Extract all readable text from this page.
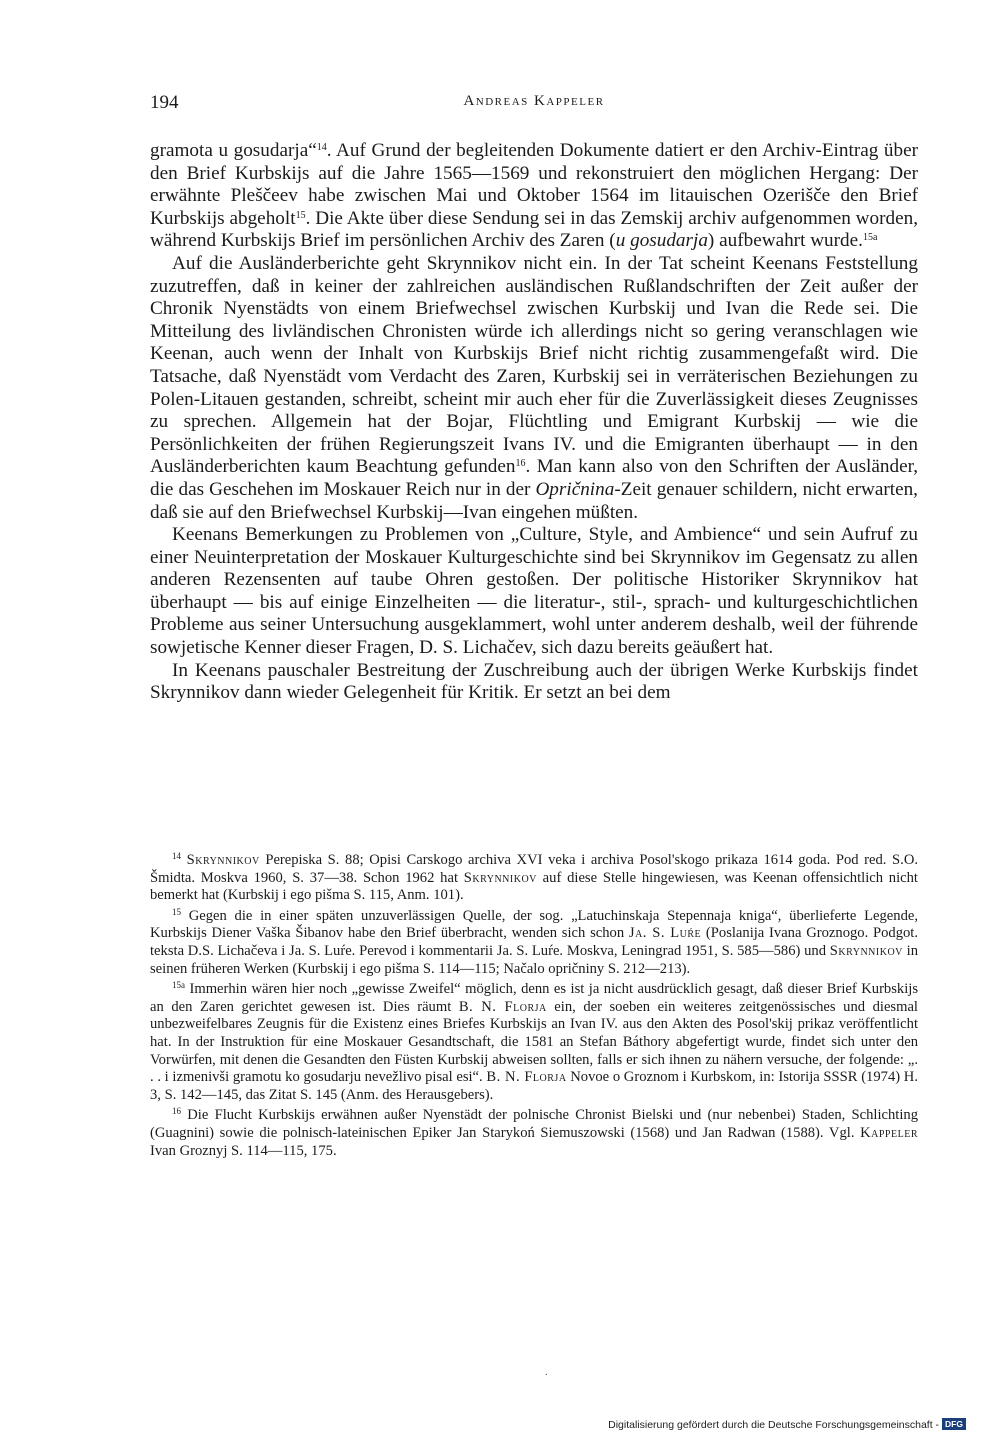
194	Andreas Kappeler

gramota u gosudarja“$^{14}$. Auf Grund der begleitenden Dokumente datiert er den Archiv-Eintrag über den Brief Kurbskijs auf die Jahre 1565—1569 und rekonstruiert den möglichen Hergang: Der erwähnte Pleščeev habe zwischen Mai und Oktober 1564 im litauischen Ozerišče den Brief Kurbskijs abgeholt$^{15}$. Die Akte über diese Sendung sei in das Zemskij archiv aufgenommen worden, während Kurbskijs Brief im persönlichen Archiv des Zaren (u gosudarja) aufbewahrt wurde.$^{15a}$

Auf die Ausländerberichte geht Skrynnikov nicht ein. In der Tat scheint Keenans Feststellung zuzutreffen, daß in keiner der zahlreichen ausländischen Rußlandschriften der Zeit außer der Chronik Nyenstädts von einem Briefwechsel zwischen Kurbskij und Ivan die Rede sei. Die Mitteilung des livländischen Chronisten würde ich allerdings nicht so gering veranschlagen wie Keenan, auch wenn der Inhalt von Kurbskijs Brief nicht richtig zusammengefaßt wird. Die Tatsache, daß Nyenstädt vom Verdacht des Zaren, Kurbskij sei in verräterischen Beziehungen zu Polen-Litauen gestanden, schreibt, scheint mir auch eher für die Zuverlässigkeit dieses Zeugnisses zu sprechen. Allgemein hat der Bojar, Flüchtling und Emigrant Kurbskij — wie die Persönlichkeiten der frühen Regierungszeit Ivans IV. und die Emigranten überhaupt — in den Ausländerberichten kaum Beachtung gefunden$^{16}$. Man kann also von den Schriften der Ausländer, die das Geschehen im Moskauer Reich nur in der Opričnina-Zeit genauer schildern, nicht erwarten, daß sie auf den Briefwechsel Kurbskij—Ivan eingehen müßten.

Keenans Bemerkungen zu Problemen von „Culture, Style, and Ambience“ und sein Aufruf zu einer Neuinterpretation der Moskauer Kulturgeschichte sind bei Skrynnikov im Gegensatz zu allen anderen Rezensenten auf taube Ohren gestoßen. Der politische Historiker Skrynnikov hat überhaupt — bis auf einige Einzelheiten — die literatur-, stil-, sprach- und kulturgeschichtlichen Probleme aus seiner Untersuchung ausgeklammert, wohl unter anderem deshalb, weil der führende sowjetische Kenner dieser Fragen, D. S. Lichačev, sich dazu bereits geäußert hat.

In Keenans pauschaler Bestreitung der Zuschreibung auch der übrigen Werke Kurbskijs findet Skrynnikov dann wieder Gelegenheit für Kritik. Er setzt an bei dem

$^{14}$ Skrynnikov Perepiska S. 88; Opisi Carskogo archiva XVI veka i archiva Posol'skogo prikaza 1614 goda. Pod red. S.O. Šmidta. Moskva 1960, S. 37—38. Schon 1962 hat Skrynnikov auf diese Stelle hingewiesen, was Keenan offensichtlich nicht bemerkt hat (Kurbskij i ego pišma S. 115, Anm. 101).

$^{15}$ Gegen die in einer späten unzuverlässigen Quelle, der sog. „Latuchinskaja Stepennaja kniga“, überlieferte Legende, Kurbskijs Diener Vaška Šibanov habe den Brief überbracht, wenden sich schon Ja. S. Luŕe (Poslanija Ivana Groznogo. Podgot. teksta D.S. Lichačeva i Ja. S. Luŕe. Perevod i kommentarii Ja. S. Luŕe. Moskva, Leningrad 1951, S. 585—586) und Skrynnikov in seinen früheren Werken (Kurbskij i ego pišma S. 114—115; Načalo opričniny S. 212—213).

$^{15a}$ Immerhin wären hier noch „gewisse Zweifel“ möglich, denn es ist ja nicht ausdrücklich gesagt, daß dieser Brief Kurbskijs an den Zaren gerichtet gewesen ist. Dies räumt B. N. Florja ein, der soeben ein weiteres zeitgenössisches und diesmal unbezweifelbares Zeugnis für die Existenz eines Briefes Kurbskijs an Ivan IV. aus den Akten des Posol'skij prikaz veröffentlicht hat. In der Instruktion für eine Moskauer Gesandtschaft, die 1581 an Stefan Báthory abgefertigt wurde, findet sich unter den Vorwürfen, mit denen die Gesandten den Füsten Kurbskij abweisen sollten, falls er sich ihnen zu nähern versuche, der folgende: „. . . i izmenivši gramotu ko gosudarju nevežlivo pisal esi“. B. N. Florja Novoe o Groznom i Kurbskom, in: Istorija SSSR (1974) H. 3, S. 142—145, das Zitat S. 145 (Anm. des Herausgebers).

$^{16}$ Die Flucht Kurbskijs erwähnen außer Nyenstädt der polnische Chronist Bielski und (nur nebenbei) Staden, Schlichting (Guagnini) sowie die polnisch-lateinischen Epiker Jan Starykoń Siemuszowski (1568) und Jan Radwan (1588). Vgl. Kappeler Ivan Groznyj S. 114—115, 175.

.
Digitalisierung gefördert durch die Deutsche Forschungsgemeinschaft - DFG
